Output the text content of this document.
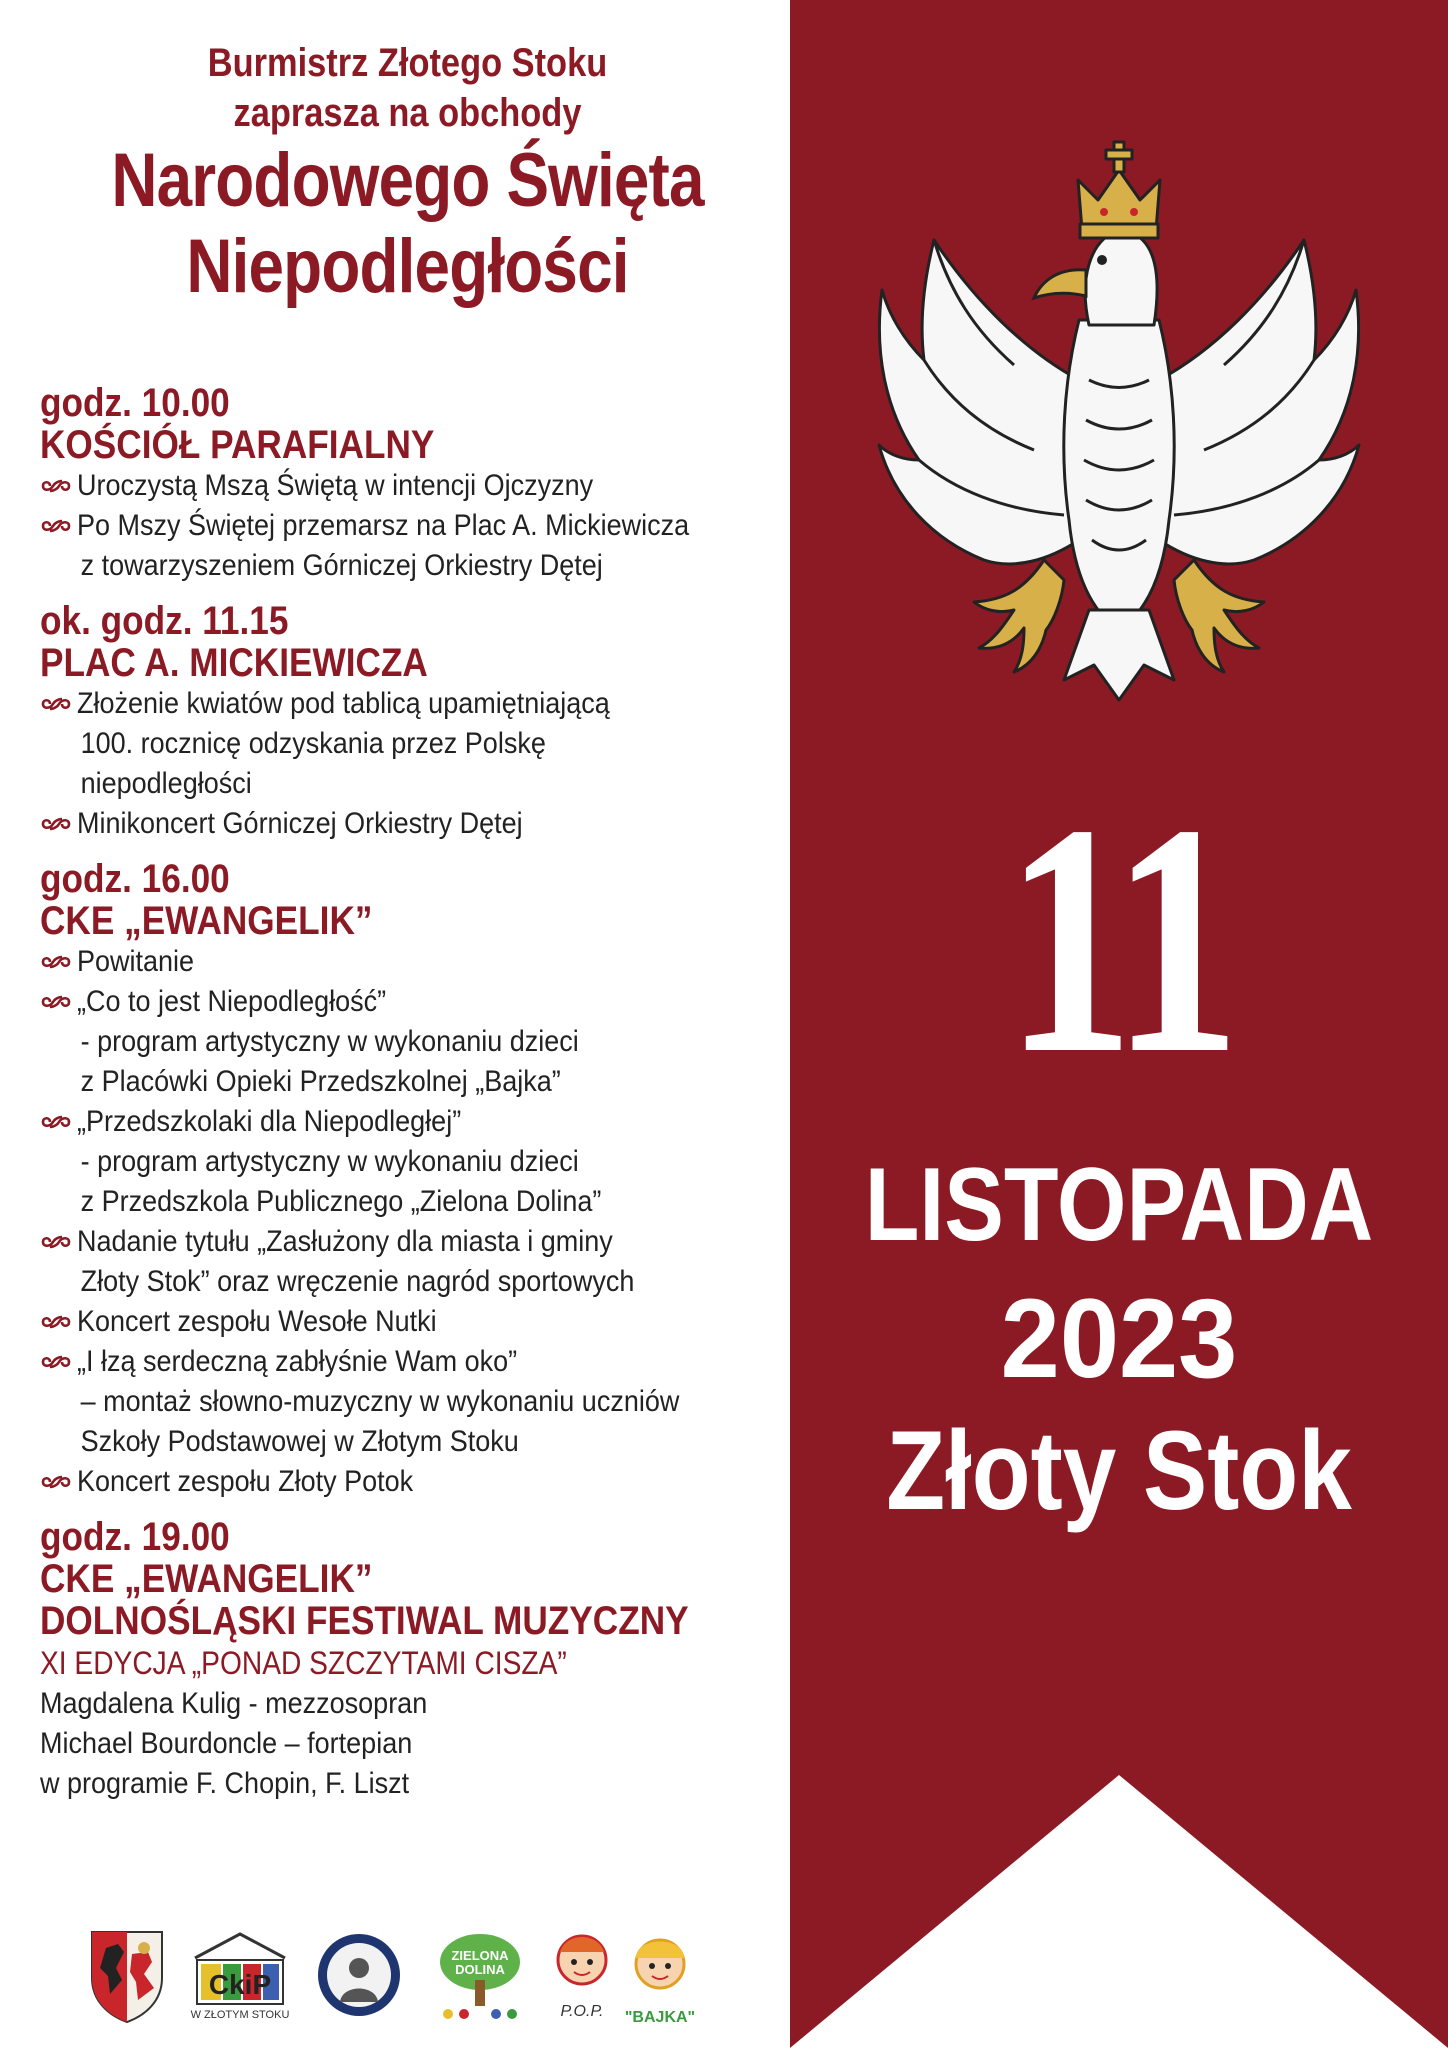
Burmistrz Złotego Stoku
zaprasza na obchody
Narodowego Święta
Niepodległości
godz. 10.00
KOŚCIÓŁ PARAFIALNY
Uroczystą Mszą Świętą w intencji Ojczyzny
Po Mszy Świętej przemarsz na Plac A. Mickiewicza
z towarzyszeniem Górniczej Orkiestry Dętej
ok. godz. 11.15
PLAC A. MICKIEWICZA
Złożenie kwiatów pod tablicą upamiętniającą
100. rocznicę odzyskania przez Polskę
niepodległości
Minikoncert Górniczej Orkiestry Dętej
godz. 16.00
CKE „EWANGELIK”
Powitanie
„Co to jest Niepodległość”
- program artystyczny w wykonaniu dzieci
z Placówki Opieki Przedszkolnej „Bajka”
„Przedszkolaki dla Niepodległej”
- program artystyczny w wykonaniu dzieci
z Przedszkola Publicznego „Zielona Dolina”
Nadanie tytułu „Zasłużony dla miasta i gminy
Złoty Stok” oraz wręczenie nagród sportowych
Koncert zespołu Wesołe Nutki
„I łzą serdeczną zabłyśnie Wam oko”
– montaż słowno-muzyczny w wykonaniu uczniów
Szkoły Podstawowej w Złotym Stoku
Koncert zespołu Złoty Potok
godz. 19.00
CKE „EWANGELIK”
DOLNOŚLĄSKI FESTIWAL MUZYCZNY
XI EDYCJA „PONAD SZCZYTAMI CISZA”
Magdalena Kulig - mezzosopran
Michael Bourdoncle – fortepian
w programie F. Chopin, F. Liszt
CkiP
W ZŁOTYM STOKU
ZIELONA
DOLINA
P.O.P. "BAJKA"
11
LISTOPADA
2023
Złoty Stok
